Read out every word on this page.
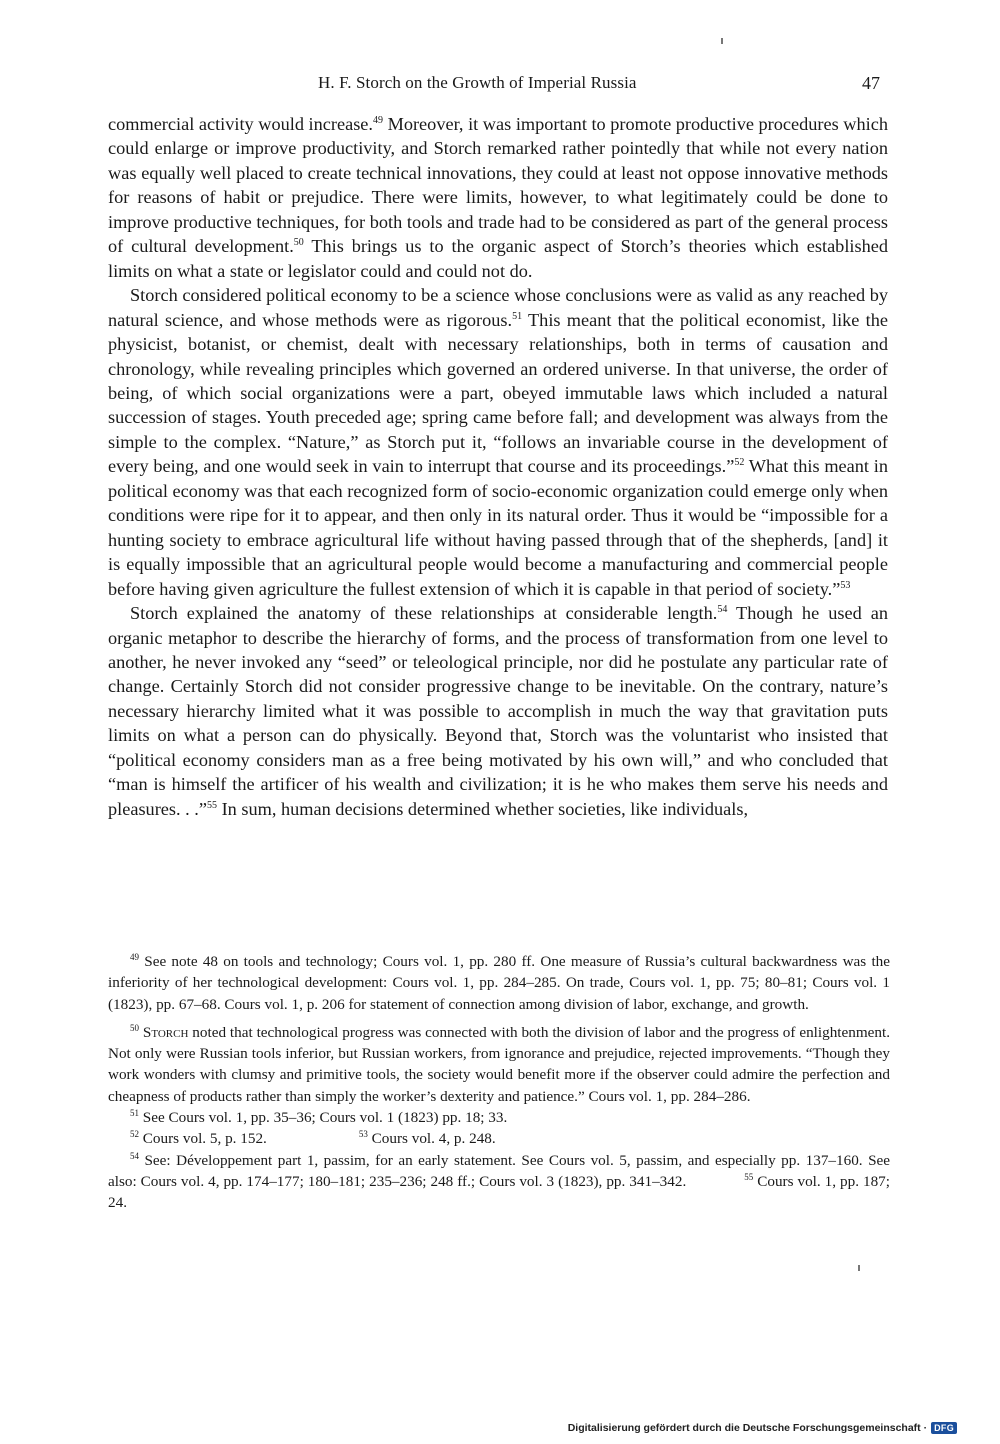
H. F. Storch on the Growth of Imperial Russia	47

commercial activity would increase.$^{49}$ Moreover, it was important to promote productive procedures which could enlarge or improve productivity, and Storch remarked rather pointedly that while not every nation was equally well placed to create technical innovations, they could at least not oppose innovative methods for reasons of habit or prejudice. There were limits, however, to what legitimately could be done to improve productive techniques, for both tools and trade had to be considered as part of the general process of cultural development.$^{50}$ This brings us to the organic aspect of Storch’s theories which established limits on what a state or legislator could and could not do.

Storch considered political economy to be a science whose conclusions were as valid as any reached by natural science, and whose methods were as rigorous.$^{51}$ This meant that the political economist, like the physicist, botanist, or chemist, dealt with necessary relationships, both in terms of causation and chronology, while revealing principles which governed an ordered universe. In that universe, the order of being, of which social organizations were a part, obeyed immutable laws which included a natural succession of stages. Youth preceded age; spring came before fall; and development was always from the simple to the complex. “Nature,” as Storch put it, “follows an invariable course in the development of every being, and one would seek in vain to interrupt that course and its proceedings.”$^{52}$ What this meant in political economy was that each recognized form of socio-economic organization could emerge only when conditions were ripe for it to appear, and then only in its natural order. Thus it would be “impossible for a hunting society to embrace agricultural life without having passed through that of the shepherds, [and] it is equally impossible that an agricultural people would become a manufacturing and commercial people before having given agriculture the fullest extension of which it is capable in that period of society.”$^{53}$

Storch explained the anatomy of these relationships at considerable length.$^{54}$ Though he used an organic metaphor to describe the hierarchy of forms, and the process of transformation from one level to another, he never invoked any “seed” or teleological principle, nor did he postulate any particular rate of change. Certainly Storch did not consider progressive change to be inevitable. On the contrary, nature’s necessary hierarchy limited what it was possible to accomplish in much the way that gravitation puts limits on what a person can do physically. Beyond that, Storch was the voluntarist who insisted that “political economy considers man as a free being motivated by his own will,” and who concluded that “man is himself the artificer of his wealth and civilization; it is he who makes them serve his needs and pleasures. . .”$^{55}$ In sum, human decisions determined whether societies, like individuals,

$^{49}$ See note 48 on tools and technology; Cours vol. 1, pp. 280 ff. One measure of Russia’s cultural backwardness was the inferiority of her technological development: Cours vol. 1, pp. 284–285. On trade, Cours vol. 1, pp. 75; 80–81; Cours vol. 1 (1823), pp. 67–68. Cours vol. 1, p. 206 for statement of connection among division of labor, exchange, and growth.

$^{50}$ Storch noted that technological progress was connected with both the division of labor and the progress of enlightenment. Not only were Russian tools inferior, but Russian workers, from ignorance and prejudice, rejected improvements. “Though they work wonders with clumsy and primitive tools, the society would benefit more if the observer could admire the perfection and cheapness of products rather than simply the worker’s dexterity and patience.” Cours vol. 1, pp. 284–286.

$^{51}$ See Cours vol. 1, pp. 35–36; Cours vol. 1 (1823) pp. 18; 33.

$^{52}$ Cours vol. 5, p. 152.	$^{53}$ Cours vol. 4, p. 248.

$^{54}$ See: Développement part 1, passim, for an early statement. See Cours vol. 5, passim, and especially pp. 137–160. See also: Cours vol. 4, pp. 174–177; 180–181; 235–236; 248 ff.; Cours vol. 3 (1823), pp. 341–342.	$^{55}$ Cours vol. 1, pp. 187; 24.

Digitalisierung gefördert durch die Deutsche Forschungsgemeinschaft · DFG
